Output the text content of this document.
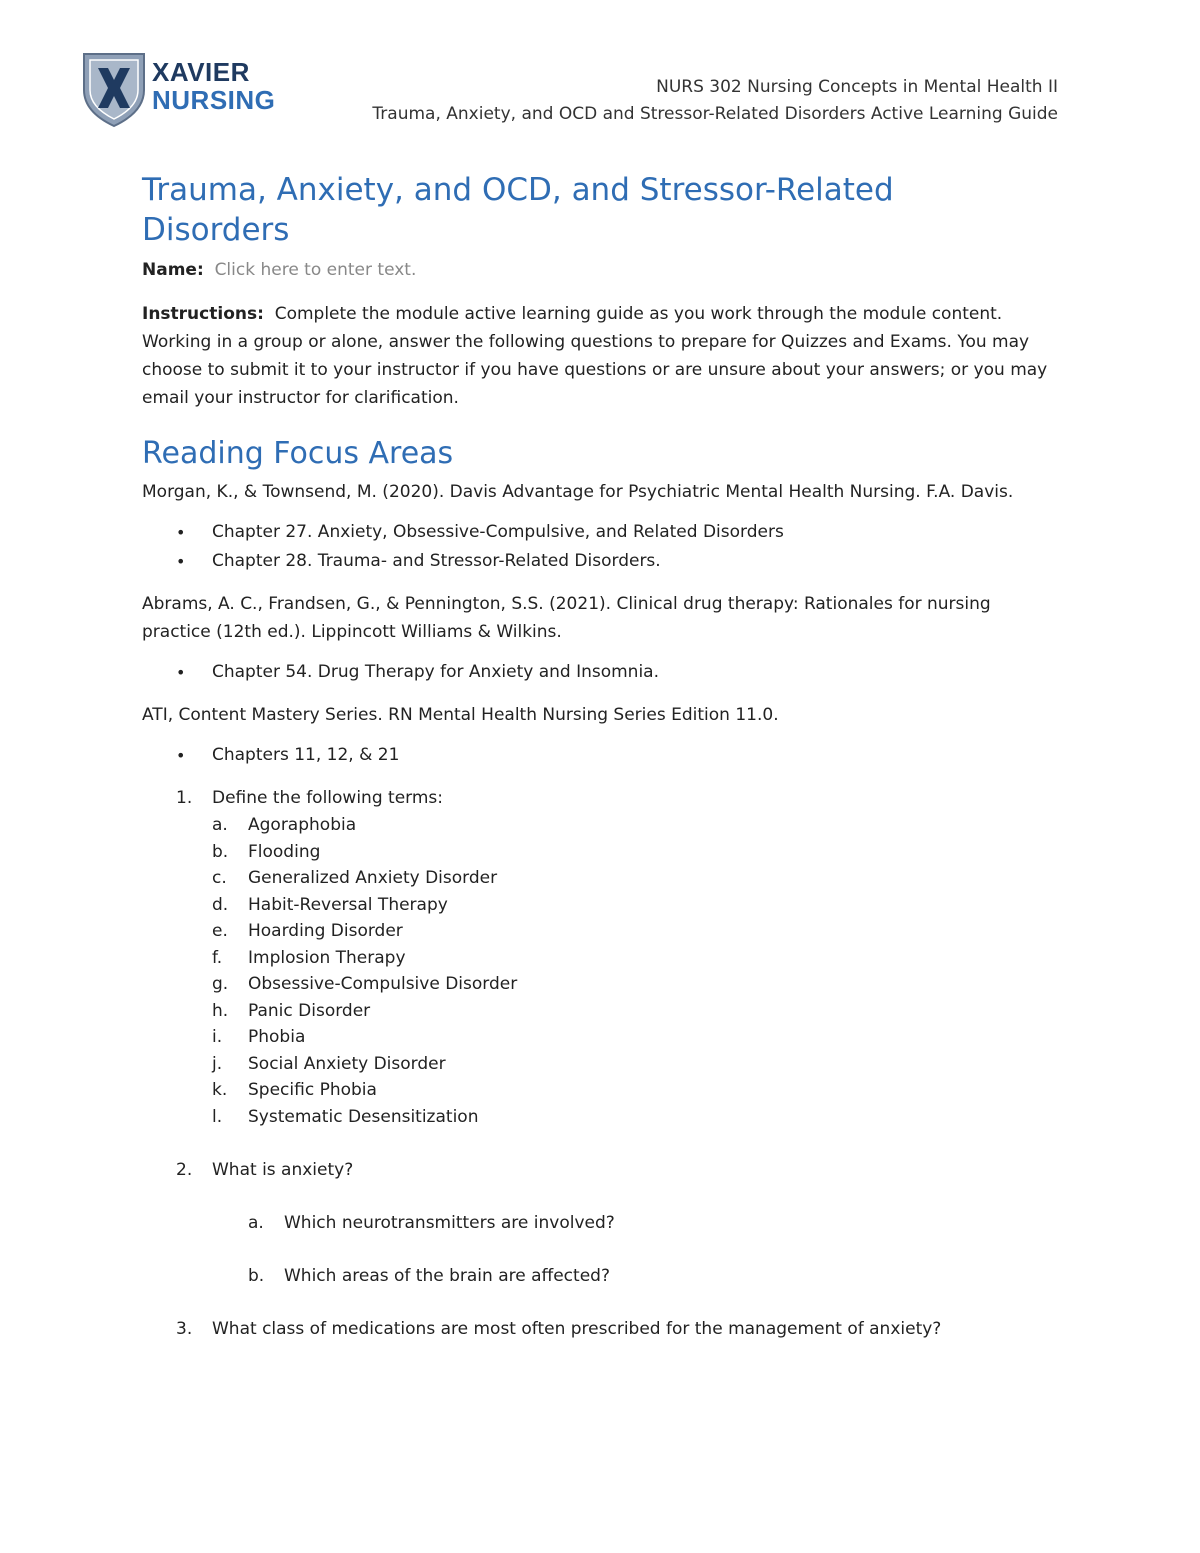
XAVIER
NURSING	NURS 302 Nursing Concepts in Mental Health II
Trauma, Anxiety, and OCD and Stressor-Related Disorders Active Learning Guide
Trauma, Anxiety, and OCD, and Stressor-Related
Disorders

Name: Click here to enter text.

Instructions: Complete the module active learning guide as you work through the module content. Working in a group or alone, answer the following questions to prepare for Quizzes and Exams. You may choose to submit it to your instructor if you have questions or are unsure about your answers; or you may email your instructor for clarification.

Reading Focus Areas

Morgan, K., & Townsend, M. (2020). Davis Advantage for Psychiatric Mental Health Nursing. F.A. Davis.

• Chapter 27. Anxiety, Obsessive-Compulsive, and Related Disorders
• Chapter 28. Trauma- and Stressor-Related Disorders.

Abrams, A. C., Frandsen, G., & Pennington, S.S. (2021). Clinical drug therapy: Rationales for nursing practice (12th ed.). Lippincott Williams & Wilkins.

• Chapter 54. Drug Therapy for Anxiety and Insomnia.

ATI, Content Mastery Series. RN Mental Health Nursing Series Edition 11.0.

• Chapters 11, 12, & 21
1. Define the following terms:
a. Agoraphobia
b. Flooding
c. Generalized Anxiety Disorder
d. Habit-Reversal Therapy
e. Hoarding Disorder
f. Implosion Therapy
g. Obsessive-Compulsive Disorder
h. Panic Disorder
i. Phobia
j. Social Anxiety Disorder
k. Specific Phobia
l. Systematic Desensitization
2. What is anxiety?
a. Which neurotransmitters are involved?
b. Which areas of the brain are affected?
3. What class of medications are most often prescribed for the management of anxiety?
